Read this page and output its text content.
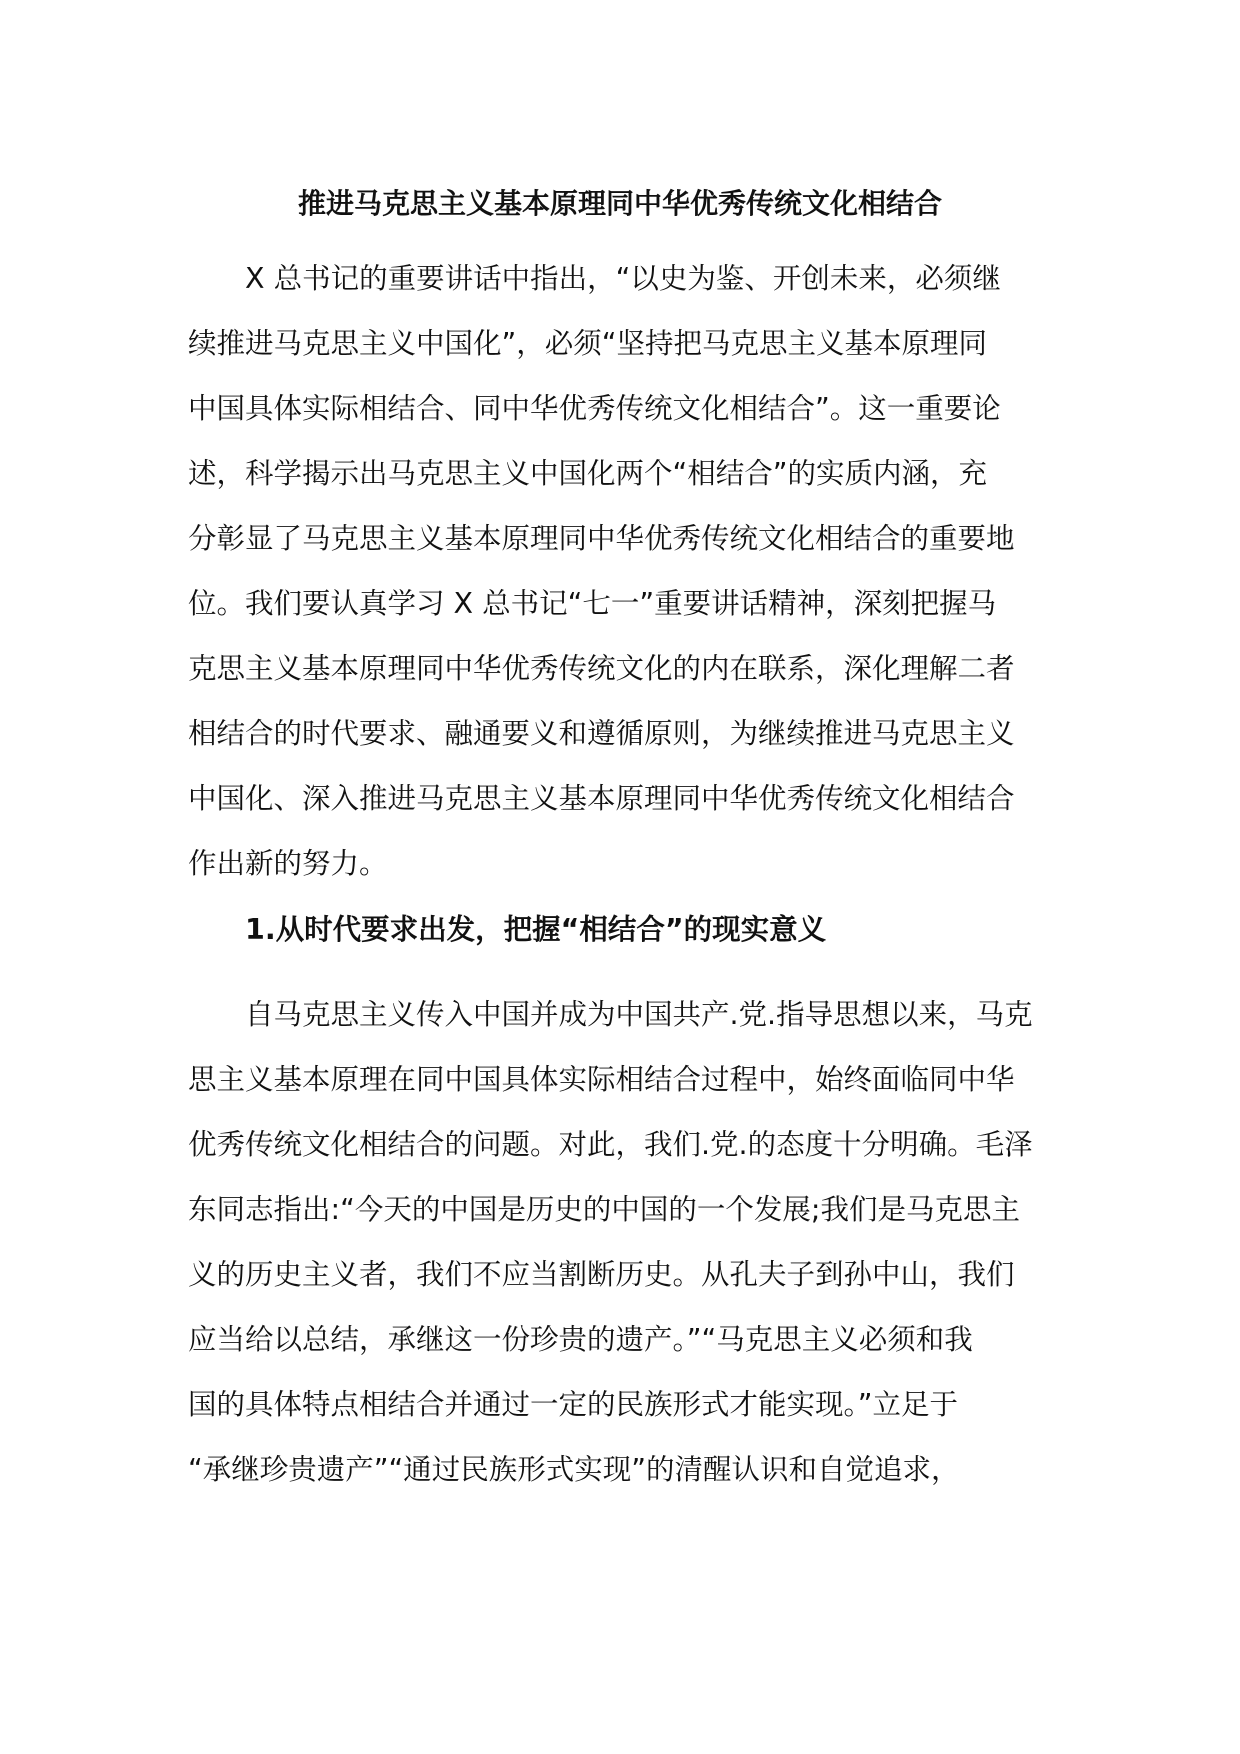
推进马克思主义基本原理同中华优秀传统文化相结合
X 总书记的重要讲话中指出，“以史为鉴、开创未来，必须继
续推进马克思主义中国化”，必须“坚持把马克思主义基本原理同
中国具体实际相结合、同中华优秀传统文化相结合”。这一重要论
述，科学揭示出马克思主义中国化两个“相结合”的实质内涵，充
分彰显了马克思主义基本原理同中华优秀传统文化相结合的重要地
位。我们要认真学习 X 总书记“七一”重要讲话精神，深刻把握马
克思主义基本原理同中华优秀传统文化的内在联系，深化理解二者
相结合的时代要求、融通要义和遵循原则，为继续推进马克思主义
中国化、深入推进马克思主义基本原理同中华优秀传统文化相结合
作出新的努力。
1.从时代要求出发，把握“相结合”的现实意义
自马克思主义传入中国并成为中国共产.党.指导思想以来，马克
思主义基本原理在同中国具体实际相结合过程中，始终面临同中华
优秀传统文化相结合的问题。对此，我们.党.的态度十分明确。毛泽
东同志指出:“今天的中国是历史的中国的一个发展;我们是马克思主
义的历史主义者，我们不应当割断历史。从孔夫子到孙中山，我们
应当给以总结，承继这一份珍贵的遗产。”“马克思主义必须和我
国的具体特点相结合并通过一定的民族形式才能实现。”立足于
“承继珍贵遗产”“通过民族形式实现”的清醒认识和自觉追求，
